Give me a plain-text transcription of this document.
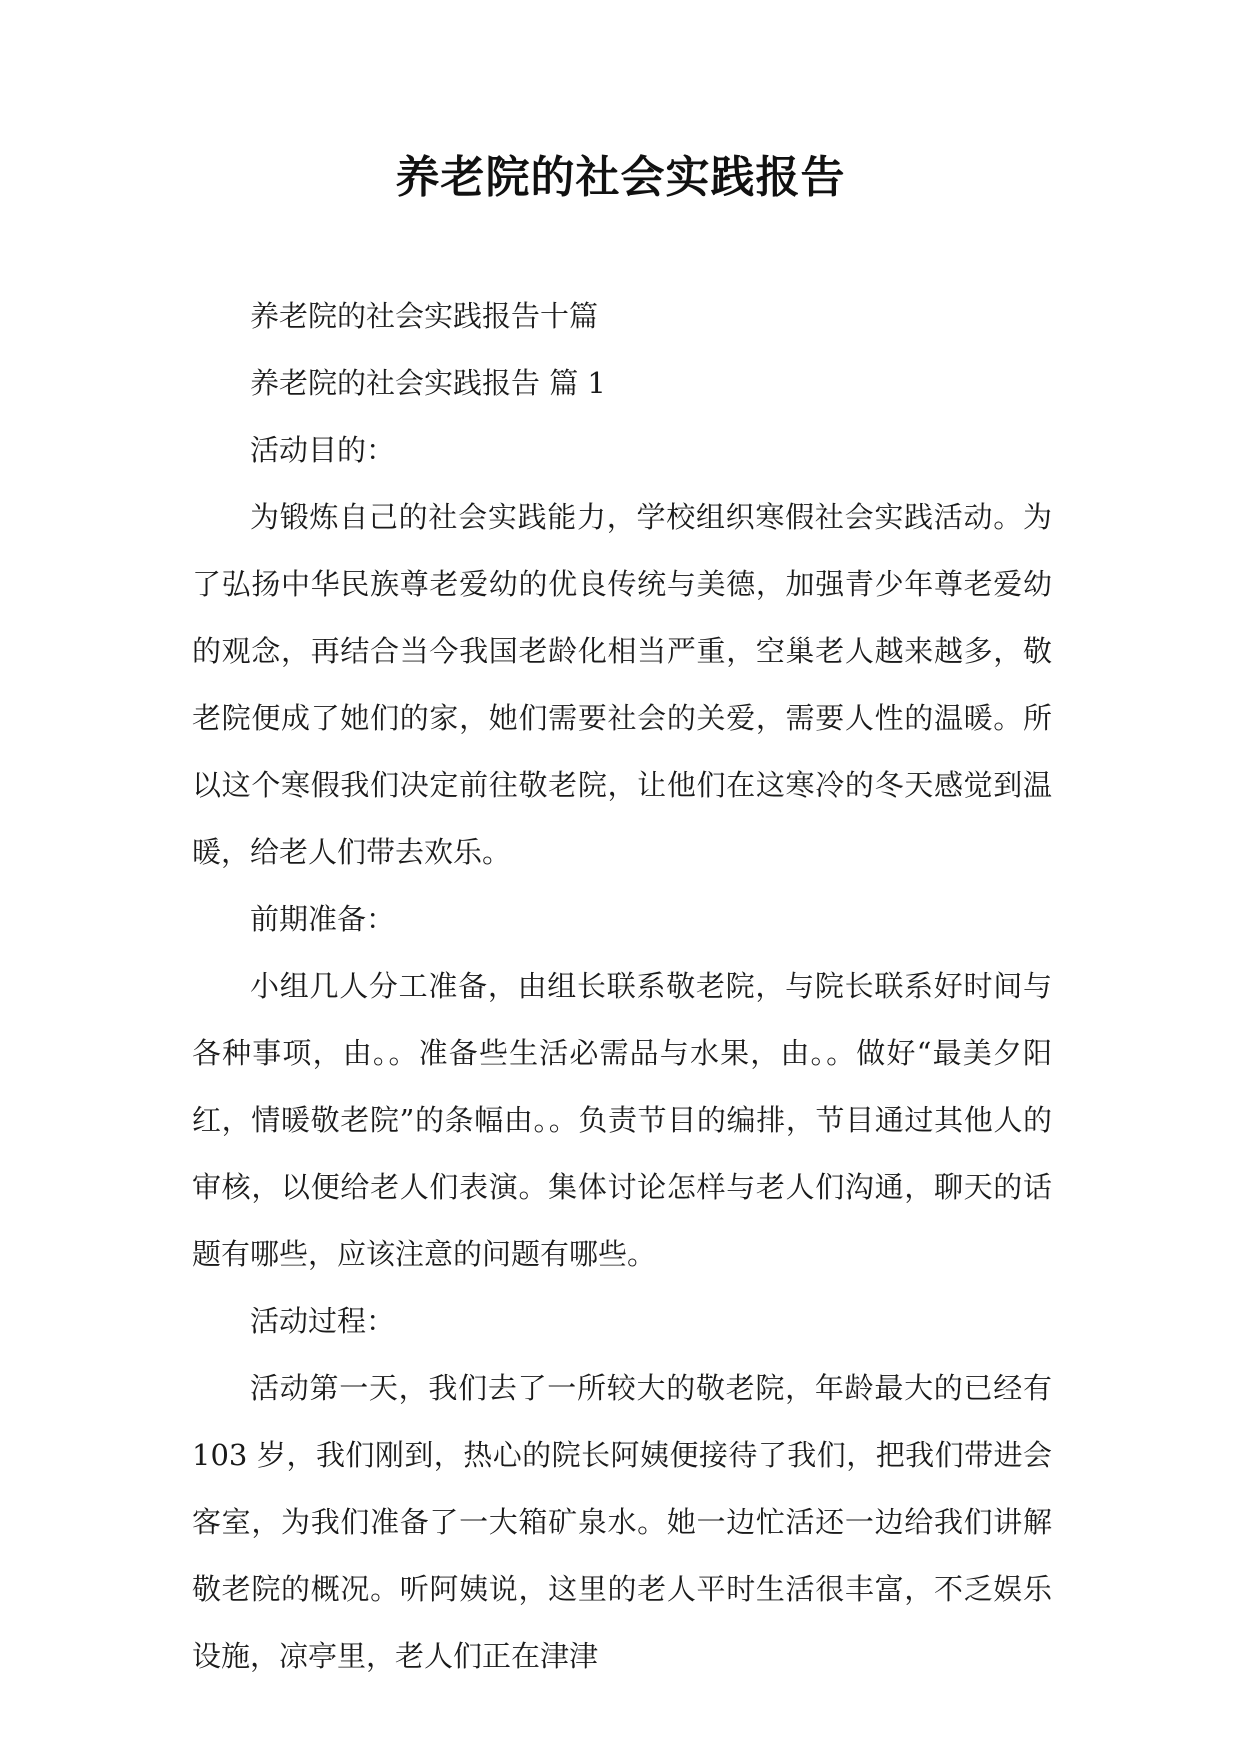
养老院的社会实践报告

养老院的社会实践报告十篇

养老院的社会实践报告 篇 1

活动目的：

为锻炼自己的社会实践能力，学校组织寒假社会实践活动。为了弘扬中华民族尊老爱幼的优良传统与美德，加强青少年尊老爱幼的观念，再结合当今我国老龄化相当严重，空巢老人越来越多，敬老院便成了她们的家，她们需要社会的关爱，需要人性的温暖。所以这个寒假我们决定前往敬老院，让他们在这寒冷的冬天感觉到温暖，给老人们带去欢乐。

前期准备：

小组几人分工准备，由组长联系敬老院，与院长联系好时间与各种事项，由。。准备些生活必需品与水果，由。。做好“最美夕阳红，情暖敬老院”的条幅由。。负责节目的编排，节目通过其他人的审核，以便给老人们表演。集体讨论怎样与老人们沟通，聊天的话题有哪些，应该注意的问题有哪些。

活动过程：

活动第一天，我们去了一所较大的敬老院，年龄最大的已经有 103 岁，我们刚到，热心的院长阿姨便接待了我们，把我们带进会客室，为我们准备了一大箱矿泉水。她一边忙活还一边给我们讲解敬老院的概况。听阿姨说，这里的老人平时生活很丰富，不乏娱乐设施，凉亭里，老人们正在津津
